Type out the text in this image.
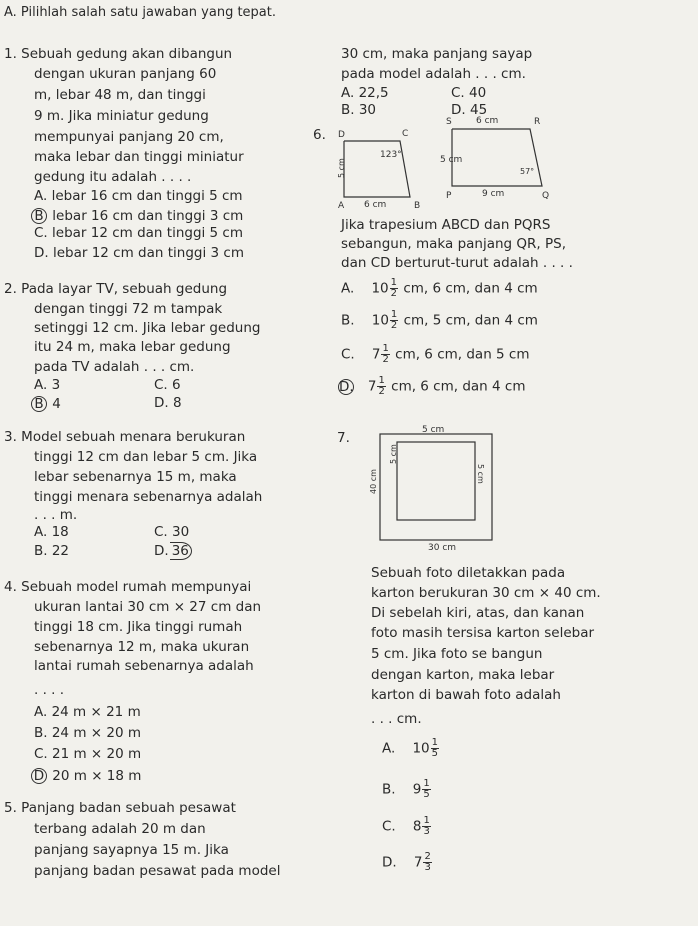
A. Pilihlah salah satu jawaban yang tepat.
1. Sebuah gedung akan dibangun
dengan ukuran panjang 60
m, lebar 48 m, dan tinggi
9 m. Jika miniatur gedung
mempunyai panjang 20 cm,
maka lebar dan tinggi miniatur
gedung itu adalah . . . .
A. lebar 16 cm dan tinggi 5 cm
B lebar 16 cm dan tinggi 3 cm
C. lebar 12 cm dan tinggi 5 cm
D. lebar 12 cm dan tinggi 3 cm
2. Pada layar TV, sebuah gedung
dengan tinggi 72 m tampak
setinggi 12 cm. Jika lebar gedung
itu 24 m, maka lebar gedung
pada TV adalah . . . cm.
A. 3	C. 6
B 4	D. 8
3. Model sebuah menara berukuran
tinggi 12 cm dan lebar 5 cm. Jika
lebar sebenarnya 15 m, maka
tinggi menara sebenarnya adalah
. . . m.
A. 18	C. 30
B. 22	D. 36
4. Sebuah model rumah mempunyai
ukuran lantai 30 cm × 27 cm dan
tinggi 18 cm. Jika tinggi rumah
sebenarnya 12 m, maka ukuran
lantai rumah sebenarnya adalah
. . . .
A. 24 m × 21 m
B. 24 m × 20 m
C. 21 m × 20 m
D 20 m × 18 m
5. Panjang badan sebuah pesawat
terbang adalah 20 m dan
panjang sayapnya 15 m. Jika
panjang badan pesawat pada model
30 cm, maka panjang sayap
pada model adalah . . . cm.
A. 22,5	C. 40
B. 30	D. 45
6. D	C
123°
5 cm
A 6 cm	B
S	6 cm	R
5 cm
57°
P	9 cm	Q
Jika trapesium ABCD dan PQRS
sebangun, maka panjang QR, PS,
dan CD berturut-turut adalah . . . .
A. $10 \frac{1}{2}$ cm, 6 cm, dan 4 cm
B. $10 \frac{1}{2}$ cm, 5 cm, dan 4 cm
C. $7 \frac{1}{2}$ cm, 6 cm, dan 5 cm
D. $7 \frac{1}{2}$ cm, 6 cm, dan 4 cm
7.	5 cm
5 cm
5 cm
40 cm
30 cm
Sebuah foto diletakkan pada
karton berukuran 30 cm × 40 cm.
Di sebelah kiri, atas, dan kanan
foto masih tersisa karton selebar
5 cm. Jika foto se bangun
dengan karton, maka lebar
karton di bawah foto adalah
. . . cm.
A. $10 \frac{1}{5}$
B. $9 \frac{1}{5}$
C. $8 \frac{1}{3}$
D. $7 \frac{2}{3}$
